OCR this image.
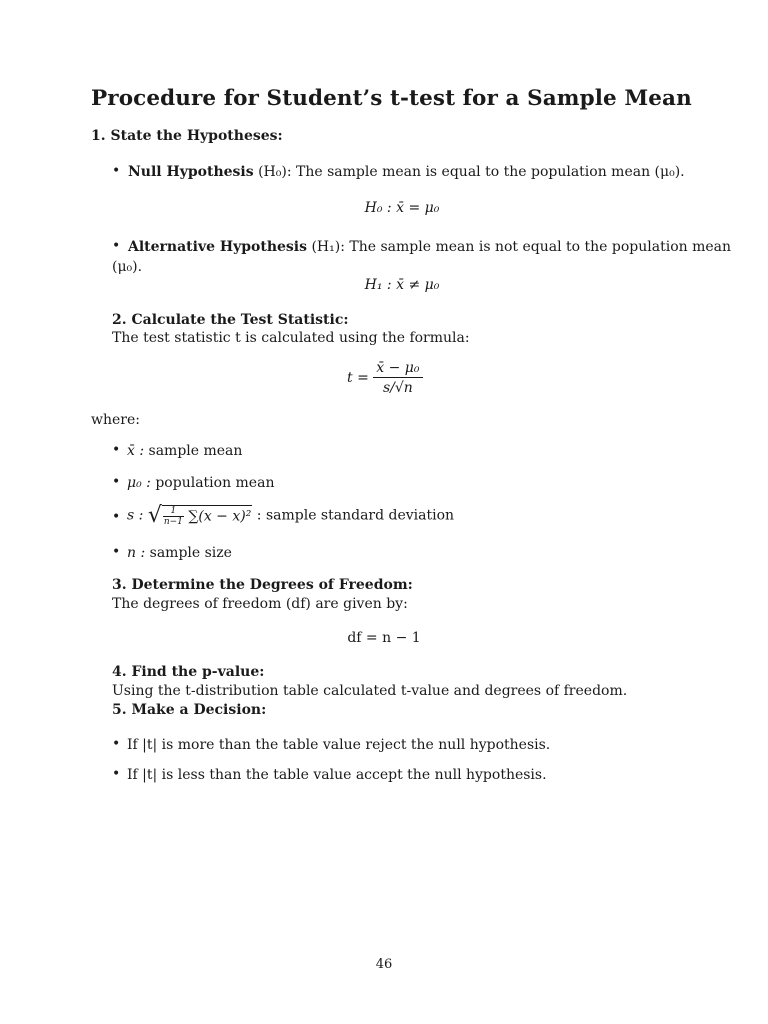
Procedure for Student’s t-test for a Sample Mean
1. State the Hypotheses:
• Null Hypothesis (H₀): The sample mean is equal to the population mean (μ₀).
H₀ : x̄ = μ₀
• Alternative Hypothesis (H₁): The sample mean is not equal to the population mean
(μ₀).
H₁ : x̄ ≠ μ₀
2. Calculate the Test Statistic:
The test statistic t is calculated using the formula:
$t = \frac{\text{x̄ − μ₀}}{s/√n}$
where:
• x̄ : sample mean
• μ₀ : population mean
• s : √ $\frac{1}{n-1} \sum(x - x)^2$ : sample standard deviation
• n : sample size
3. Determine the Degrees of Freedom:
The degrees of freedom (df) are given by:
df = n − 1
4. Find the p-value:
Using the t-distribution table calculated t-value and degrees of freedom.
5. Make a Decision:
• If |t| is more than the table value reject the null hypothesis.
• If |t| is less than the table value accept the null hypothesis.
46
